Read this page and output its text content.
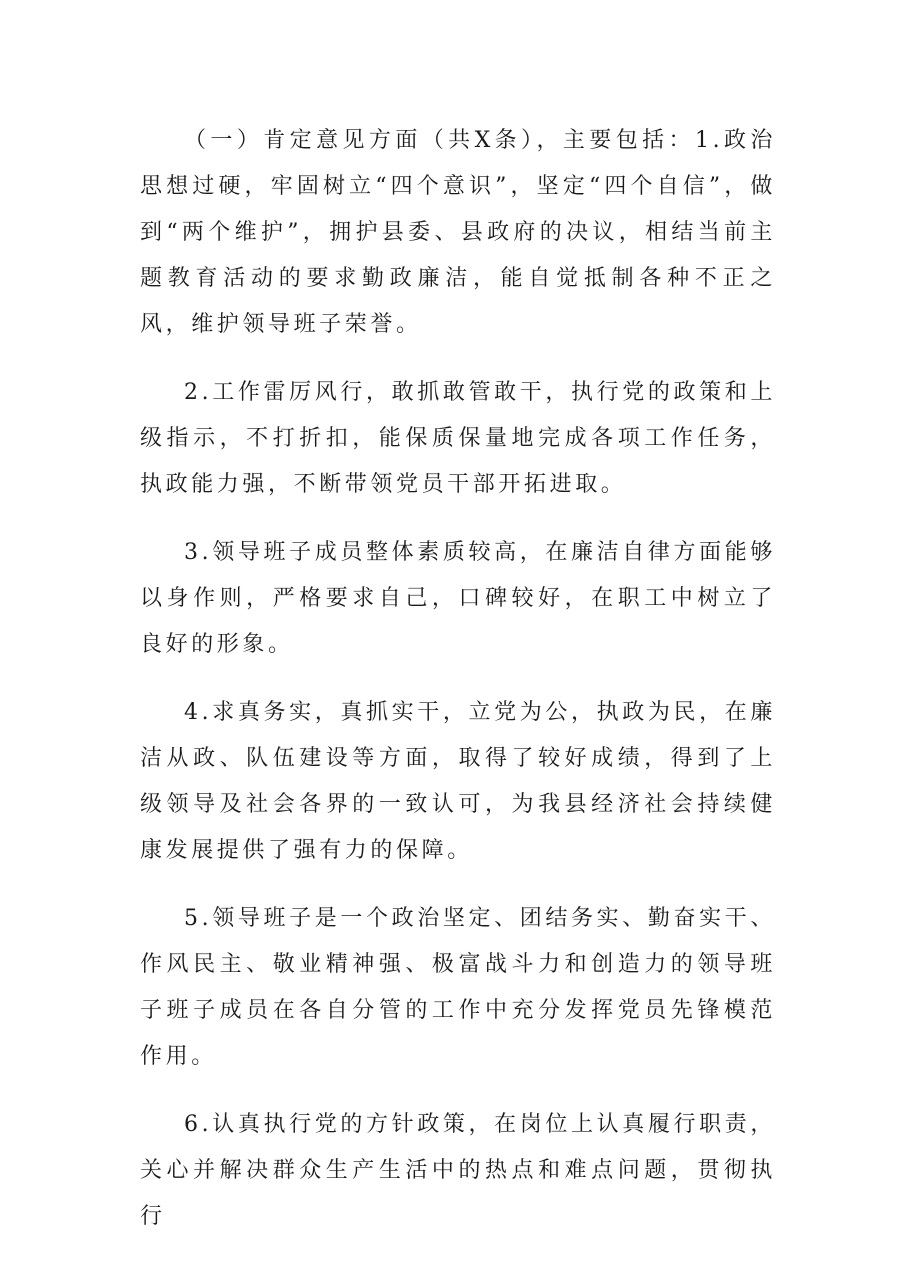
（一）肯定意见方面（共X条），主要包括：1.政治思想过硬，牢固树立“四个意识”，坚定“四个自信”，做到“两个维护”，拥护县委、县政府的决议，相结当前主题教育活动的要求勤政廉洁，能自觉抵制各种不正之风，维护领导班子荣誉。

2.工作雷厉风行，敢抓敢管敢干，执行党的政策和上级指示，不打折扣，能保质保量地完成各项工作任务，执政能力强，不断带领党员干部开拓进取。

3.领导班子成员整体素质较高，在廉洁自律方面能够以身作则，严格要求自己，口碑较好，在职工中树立了良好的形象。

4.求真务实，真抓实干，立党为公，执政为民，在廉洁从政、队伍建设等方面，取得了较好成绩，得到了上级领导及社会各界的一致认可，为我县经济社会持续健康发展提供了强有力的保障。

5.领导班子是一个政治坚定、团结务实、勤奋实干、作风民主、敬业精神强、极富战斗力和创造力的领导班子班子成员在各自分管的工作中充分发挥党员先锋模范作用。

6.认真执行党的方针政策，在岗位上认真履行职责，关心并解决群众生产生活中的热点和难点问题，贯彻执行
